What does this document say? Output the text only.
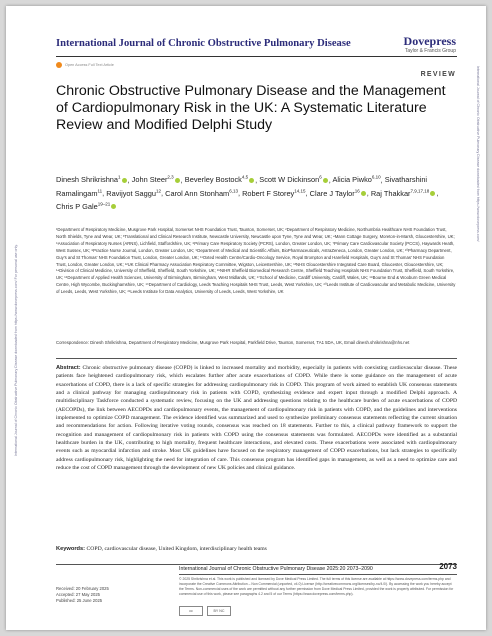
International Journal of Chronic Obstructive Pulmonary Disease downloaded from https://www.dovepress.com/ For personal use only.
International Journal of Chronic Obstructive Pulmonary Disease downloaded from https://www.dovepress.com/
International Journal of Chronic Obstructive Pulmonary Disease	Dovepress
Taylor & Francis Group
Open Access Full Text Article
REVIEW
Chronic Obstructive Pulmonary Disease and the Management of Cardiopulmonary Risk in the UK: A Systematic Literature Review and Modified Delphi Study
Dinesh Shrikrishna$^1$ , John Steer$^{2,3}$ , Beverley Bostock$^{4,5}$ , Scott W Dickinson$^6$ , Alicia Piwko$^{6,10}$, Sivatharshini Ramalingam$^{11}$, Ravijyot Saggu$^{12}$, Carol Ann Stonham$^{6,13}$, Robert F Storey$^{14,15}$, Clare J Taylor$^{16}$ , Raj Thakkar$^{7,9,17,18}$ , Chris P Gale$^{19-21}$
¹Department of Respiratory Medicine, Musgrove Park Hospital, Somerset NHS Foundation Trust, Taunton, Somerset, UK; ²Department of Respiratory Medicine, Northumbria Healthcare NHS Foundation Trust, North Shields, Tyne and Wear, UK; ³Translational and Clinical Research Institute, Newcastle University, Newcastle upon Tyne, Tyne and Wear, UK; ⁴Mann Cottage Surgery, Moreton-in-Marsh, Gloucestershire, UK; ⁵Association of Respiratory Nurses (ARNS), Lichfield, Staffordshire, UK; ⁶Primary Care Respiratory Society (PCRS), London, Greater London, UK; ⁷Primary Care Cardiovascular Society (PCCS), Haywards Heath, West Sussex, UK; ⁸Practice Nurse Journal, London, Greater London, UK; ⁹Department of Medical and Scientific Affairs, BioPharmaceuticals, AstraZeneca, London, Greater London, UK; ¹⁰Pharmacy Department, Guy's and St Thomas' NHS Foundation Trust, London, Greater London, UK; ¹¹Oxted Health Centre/Cardio-Oncology Service, Royal Brompton and Harefield Hospitals, Guy's and St Thomas' NHS Foundation Trust, London, Greater London, UK; ¹²UK Clinical Pharmacy Association Respiratory Committee, Wigston, Leicestershire, UK; ¹³NHS Gloucestershire Integrated Care Board, Gloucester, Gloucestershire, UK; ¹⁴Division of Clinical Medicine, University of Sheffield, Sheffield, South Yorkshire, UK; ¹⁵NIHR Sheffield Biomedical Research Centre, Sheffield Teaching Hospitals NHS Foundation Trust, Sheffield, South Yorkshire, UK; ¹⁶Department of Applied Health Sciences, University of Birmingham, Birmingham, West Midlands, UK; ¹⁷School of Medicine, Cardiff University, Cardiff, Wales, UK; ¹⁸Bourne End & Wooburn Green Medical Centre, High Wycombe, Buckinghamshire, UK; ¹⁹Department of Cardiology, Leeds Teaching Hospitals NHS Trust, Leeds, West Yorkshire, UK; ²⁰Leeds Institute of Cardiovascular and Metabolic Medicine, University of Leeds, Leeds, West Yorkshire, UK; ²¹Leeds Institute for Data Analytics, University of Leeds, Leeds, West Yorkshire, UK
Correspondence: Dinesh Shrikrishna, Department of Respiratory Medicine, Musgrove Park Hospital, Parkfield Drive, Taunton, Somerset, TA1 5DA, UK, Email dinesh.shrikrishna@nhs.net
Abstract: Chronic obstructive pulmonary disease (COPD) is linked to increased mortality and morbidity, especially in patients with coexisting cardiovascular disease. These patients face heightened cardiopulmonary risk, which escalates further after acute exacerbations of COPD. While there is some guidance on the management of acute exacerbations of COPD, there is a lack of specific strategies for addressing cardiopulmonary risk in COPD. This program of work aimed to establish UK consensus statements and a clinical pathway for managing cardiopulmonary risk in patients with COPD, synthesizing evidence and expert input through a modified Delphi approach. A multidisciplinary Taskforce conducted a systematic review, focusing on the UK and addressing questions relating to the healthcare burden of acute exacerbations of COPD (AECOPDs), the link between AECOPDs and cardiopulmonary events, the management of cardiopulmonary risk in patients with COPD, and the guidelines and interventions implemented to optimize COPD management. The evidence identified was summarized and used to synthesize preliminary consensus statements reflecting the current situation and recommendations for action. Following iterative voting rounds, consensus was reached on 18 statements. Further to this, a clinical pathway framework to support the recognition and management of cardiopulmonary risk in patients with COPD using the consensus statements was formulated. AECOPDs were identified as a substantial healthcare burden in the UK, contributing to high mortality, frequent healthcare interactions, and elevated costs. These exacerbations were associated with cardiopulmonary events such as myocardial infarction and stroke. Most UK guidelines have focused on the respiratory management of COPD exacerbations, but lack strategies to specifically address cardiopulmonary risk, highlighting the need for integration of care. This consensus program has identified gaps in management, as well as a need to optimize care and reduce the cost of COPD management through the development of new UK policies and clinical guidance.
Keywords: COPD, cardiovascular disease, United Kingdom, interdisciplinary health teams
Received: 20 February 2025
Accepted: 27 May 2025
Published: 25 June 2025
International Journal of Chronic Obstructive Pulmonary Disease 2025:20 2073–2090	2073
© 2025 Shrikrishna et al. This work is published and licensed by Dove Medical Press Limited. The full terms of this license are available at https://www.dovepress.com/terms.php and incorporate the Creative Commons Attribution – Non Commercial (unported, v4.0) License (http://creativecommons.org/licenses/by-nc/4.0/). By accessing the work you hereby accept the Terms. Non-commercial uses of the work are permitted without any further permission from Dove Medical Press Limited, provided the work is properly attributed. For permission for commercial use of this work, please see paragraphs 4.2 and 5 of our Terms (https://www.dovepress.com/terms.php).
cc	BY NC
